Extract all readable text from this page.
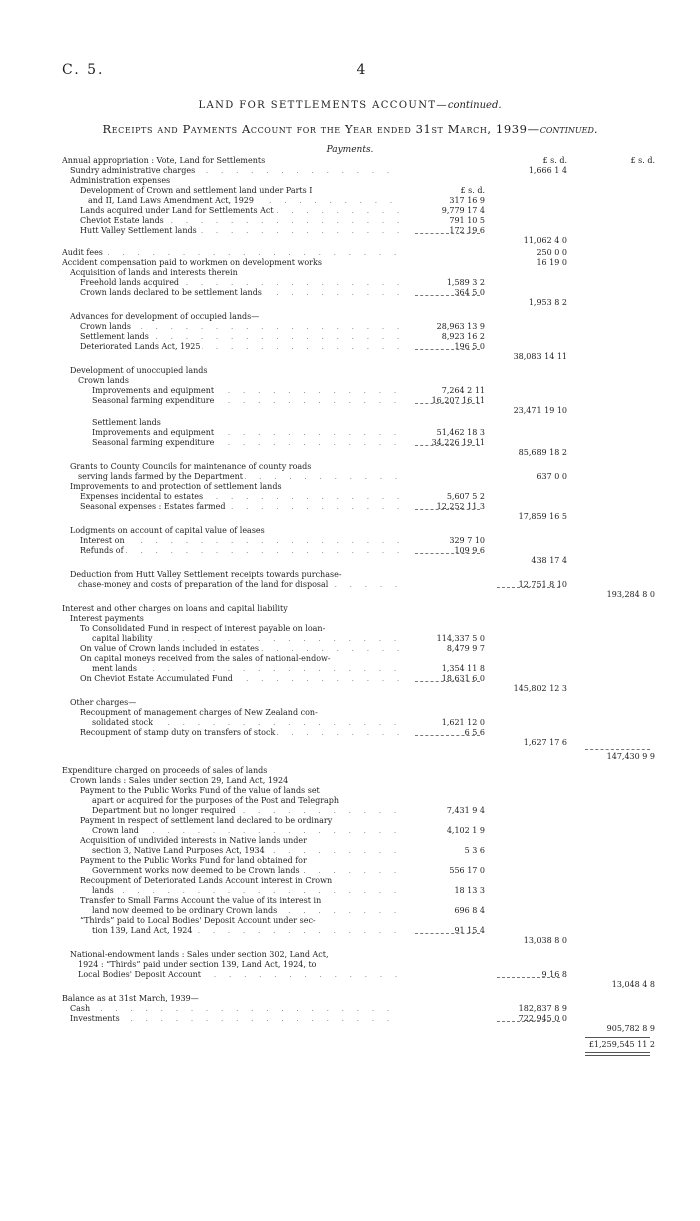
C. 5.	4
LAND FOR SETTLEMENTS ACCOUNT—continued.
Receipts and Payments Account for the Year ended 31st March, 1939—continued.
Payments.
Annual appropriation : Vote, Land for Settlements	£ s. d.	£ s. d.
Sundry administrative charges . . .	1,666 1 4
Administration expenses
Development of Crown and settlement land under Parts I	£ s. d.
and II, Land Laws Amendment Act, 1929 . . .	317 16 9
Lands acquired under Land for Settlements Act . . .	9,779 17 4
Cheviot Estate lands . . .	791 10 5
Hutt Valley Settlement lands . . .	172 19 6
11,062 4 0
Audit fees . . .	250 0 0
Accident compensation paid to workmen on development works	16 19 0
Acquisition of lands and interests therein
Freehold lands acquired . . .	1,589 3 2
Crown lands declared to be settlement lands . . .	364 5 0
1,953 8 2
Advances for development of occupied lands—
Crown lands . . .	28,963 13 9
Settlement lands . . .	8,923 16 2
Deteriorated Lands Act, 1925 . . .	196 5 0
38,083 14 11
Development of unoccupied lands
Crown lands
Improvements and equipment . . .	7,264 2 11
Seasonal farming expenditure . . .	16,207 16 11
23,471 19 10
Settlement lands
Improvements and equipment . . .	51,462 18 3
Seasonal farming expenditure . . .	34,226 19 11
85,689 18 2
Grants to County Councils for maintenance of county roads
serving lands farmed by the Department . . .	637 0 0
Improvements to and protection of settlement lands
Expenses incidental to estates . . .	5,607 5 2
Seasonal expenses : Estates farmed . . .	12,252 11 3
17,859 16 5
Lodgments on account of capital value of leases
Interest on . . .	329 7 10
Refunds of . . .	109 9 6
438 17 4
Deduction from Hutt Valley Settlement receipts towards purchase-
chase-money and costs of preparation of the land for disposal . . .	12,751 8 10
193,284 8 0
Interest and other charges on loans and capital liability
Interest payments
To Consolidated Fund in respect of interest payable on loan-
capital liability . . .	114,337 5 0
On value of Crown lands included in estates . . .	8,479 9 7
On capital moneys received from the sales of national-endow-
ment lands . . .	1,354 11 8
On Cheviot Estate Accumulated Fund . . .	18,631 6 0
145,802 12 3
Other charges—
Recoupment of management charges of New Zealand con-
solidated stock . . .	1,621 12 0
Recoupment of stamp duty on transfers of stock . . .	6 5 6
1,627 17 6
147,430 9 9
Expenditure charged on proceeds of sales of lands
Crown lands : Sales under section 29, Land Act, 1924
Payment to the Public Works Fund of the value of lands set
apart or acquired for the purposes of the Post and Telegraph
Department but no longer required . . .	7,431 9 4
Payment in respect of settlement land declared to be ordinary
Crown land . . .	4,102 1 9
Acquisition of undivided interests in Native lands under
section 3, Native Land Purposes Act, 1934 . . .	5 3 6
Payment to the Public Works Fund for land obtained for
Government works now deemed to be Crown lands . . .	556 17 0
Recoupment of Deteriorated Lands Account interest in Crown
lands . . .	18 13 3
Transfer to Small Farms Account the value of its interest in
land now deemed to be ordinary Crown lands . . .	696 8 4
“Thirds” paid to Local Bodies' Deposit Account under sec-
tion 139, Land Act, 1924 . . .	91 15 4
13,038 8 0
National-endowment lands : Sales under section 302, Land Act,
1924 : “Thirds” paid under section 139, Land Act, 1924, to
Local Bodies' Deposit Account . . .	9 16 8
13,048 4 8
Balance as at 31st March, 1939—
Cash . . .	182,837 8 9
Investments . . .	722,945 0 0
905,782 8 9
£1,259,545 11 2
